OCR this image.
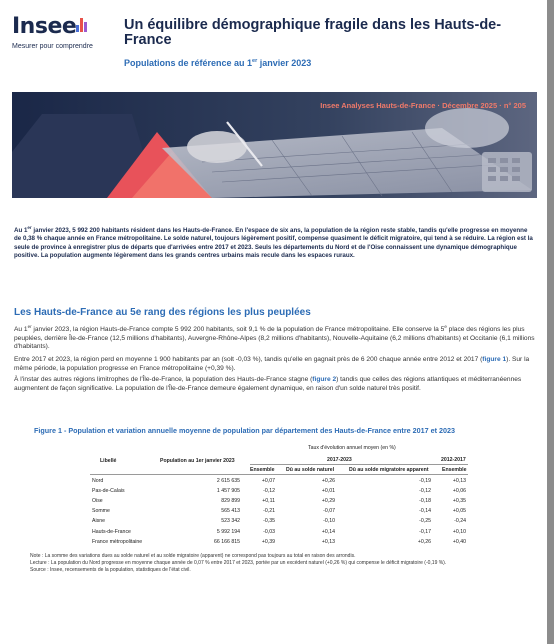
Insee
Mesurer pour comprendre
Un équilibre démographique fragile dans les Hauts-de-France
Populations de référence au 1er janvier 2023
Insee Analyses Hauts-de-France · Décembre 2025 · n° 205
Au 1er janvier 2023, 5 992 200 habitants résident dans les Hauts-de-France. En l'espace de six ans, la population de la région reste stable, tandis qu'elle progresse en moyenne de 0,38 % chaque année en France métropolitaine. Le solde naturel, toujours légèrement positif, compense quasiment le déficit migratoire, qui tend à se réduire. La région est la seule de province à enregistrer plus de départs que d'arrivées entre 2017 et 2023. Seuls les départements du Nord et de l'Oise connaissent une dynamique démographique positive. La population augmente légèrement dans les grands centres urbains mais recule dans les espaces ruraux.
Les Hauts-de-France au 5e rang des régions les plus peuplées
Au 1er janvier 2023, la région Hauts-de-France compte 5 992 200 habitants, soit 9,1 % de la population de France métropolitaine. Elle conserve la 5e place des régions les plus peuplées, derrière Île-de-France (12,5 millions d'habitants), Auvergne-Rhône-Alpes (8,2 millions d'habitants), Nouvelle-Aquitaine (6,2 millions d'habitants) et Occitanie (6,1 millions d'habitants).
Entre 2017 et 2023, la région perd en moyenne 1 900 habitants par an (solt -0,03 %), tandis qu'elle en gagnait près de 6 200 chaque année entre 2012 et 2017 (figure 1). Sur la même période, la population progresse en France métropolitaine (+0,39 %).
À l'instar des autres régions limitrophes de l'Île-de-France, la population des Hauts-de-France stagne (figure 2) tandis que celles des régions atlantiques et méditerranéennes augmentent de façon significative. La population de l'Île-de-France demeure également dynamique, en raison d'un solde naturel très positif.
Figure 1 - Population et variation annuelle moyenne de population par département des Hauts-de-France entre 2017 et 2023
Taux d'évolution annuel moyen (en %)
Libellé	Population au 1er janvier 2023	2017-2023	2012-2017
Ensemble Dû au solde naturel	Dû au solde migratoire apparent	Ensemble
Nord	2 615 635	+0,07	+0,26	-0,19	+0,13
Pas-de-Calais	1 457 905	-0,12	+0,01	-0,12	+0,06
Oise	829 899	+0,11	+0,29	-0,18	+0,35
Somme	565 413	-0,21	-0,07	-0,14	+0,05
Aisne	523 342	-0,35	-0,10	-0,25	-0,24
Hauts-de-France	5 992 194	-0,03	+0,14	-0,17	+0,10
France métropolitaine	66 166 815	+0,39	+0,13	+0,26	+0,40
Note : La somme des variations dues au solde naturel et au solde migratoire (apparent) ne correspond pas toujours au total en raison des arrondis.
Lecture : La population du Nord progresse en moyenne chaque année de 0,07 % entre 2017 et 2023, portée par un excédent naturel (+0,26 %) qui compense le déficit migratoire (-0,19 %).
Source : Insee, recensements de la population, statistiques de l'état civil.
